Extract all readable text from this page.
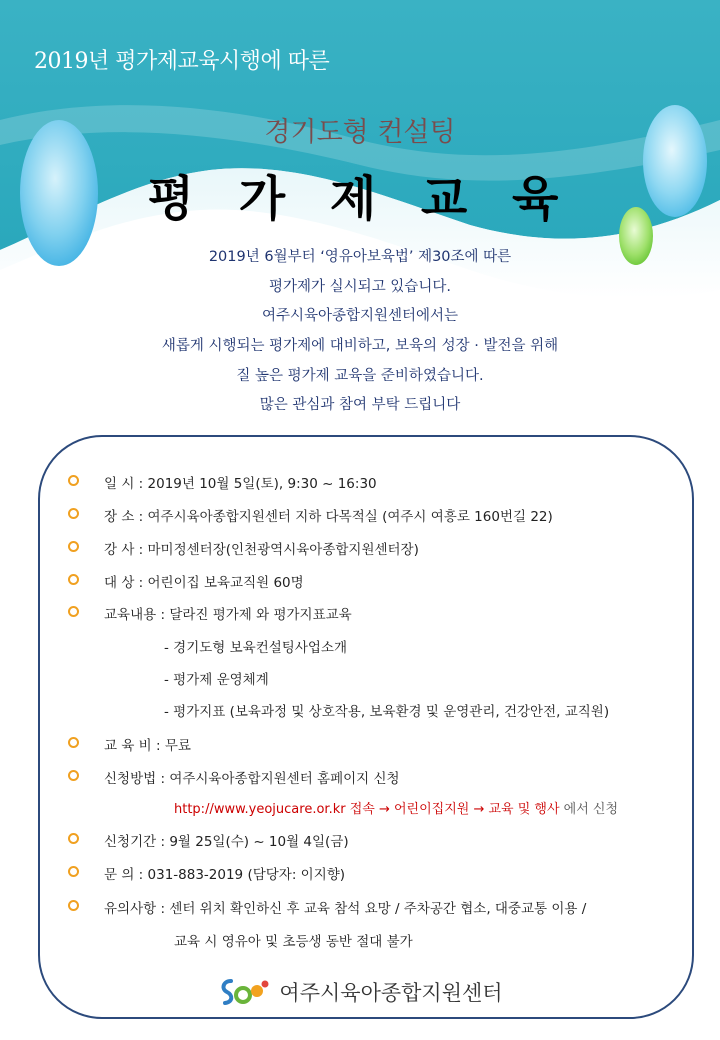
2019년 평가제교육시행에 따른
경기도형 컨설팅
평 가 제 교 육
2019년 6월부터 ‘영유아보육법’ 제30조에 따른
평가제가 실시되고 있습니다.
여주시육아종합지원센터에서는
새롭게 시행되는 평가제에 대비하고, 보육의 성장 · 발전을 위해
질 높은 평가제 교육을 준비하였습니다.
많은 관심과 참여 부탁 드립니다
일 시 : 2019년 10월 5일(토), 9:30 ~ 16:30
장 소 : 여주시육아종합지원센터 지하 다목적실 (여주시 여흥로 160번길 22)
강 사 : 마미정센터장(인천광역시육아종합지원센터장)
대 상 : 어린이집 보육교직원 60명
교육내용 : 달라진 평가제 와 평가지표교육
- 경기도형 보육컨설팅사업소개
- 평가제 운영체계
- 평가지표 (보육과정 및 상호작용, 보육환경 및 운영관리, 건강안전, 교직원)
교 육 비 : 무료
신청방법 : 여주시육아종합지원센터 홈페이지 신청
http://www.yeojucare.or.kr 접속 → 어린이집지원 → 교육 및 행사 에서 신청
신청기간 : 9월 25일(수) ~ 10월 4일(금)
문 의 : 031-883-2019 (담당자: 이지향)
유의사항 : 센터 위치 확인하신 후 교육 참석 요망 / 주차공간 협소, 대중교통 이용 /
교육 시 영유아 및 초등생 동반 절대 불가
여주시육아종합지원센터
